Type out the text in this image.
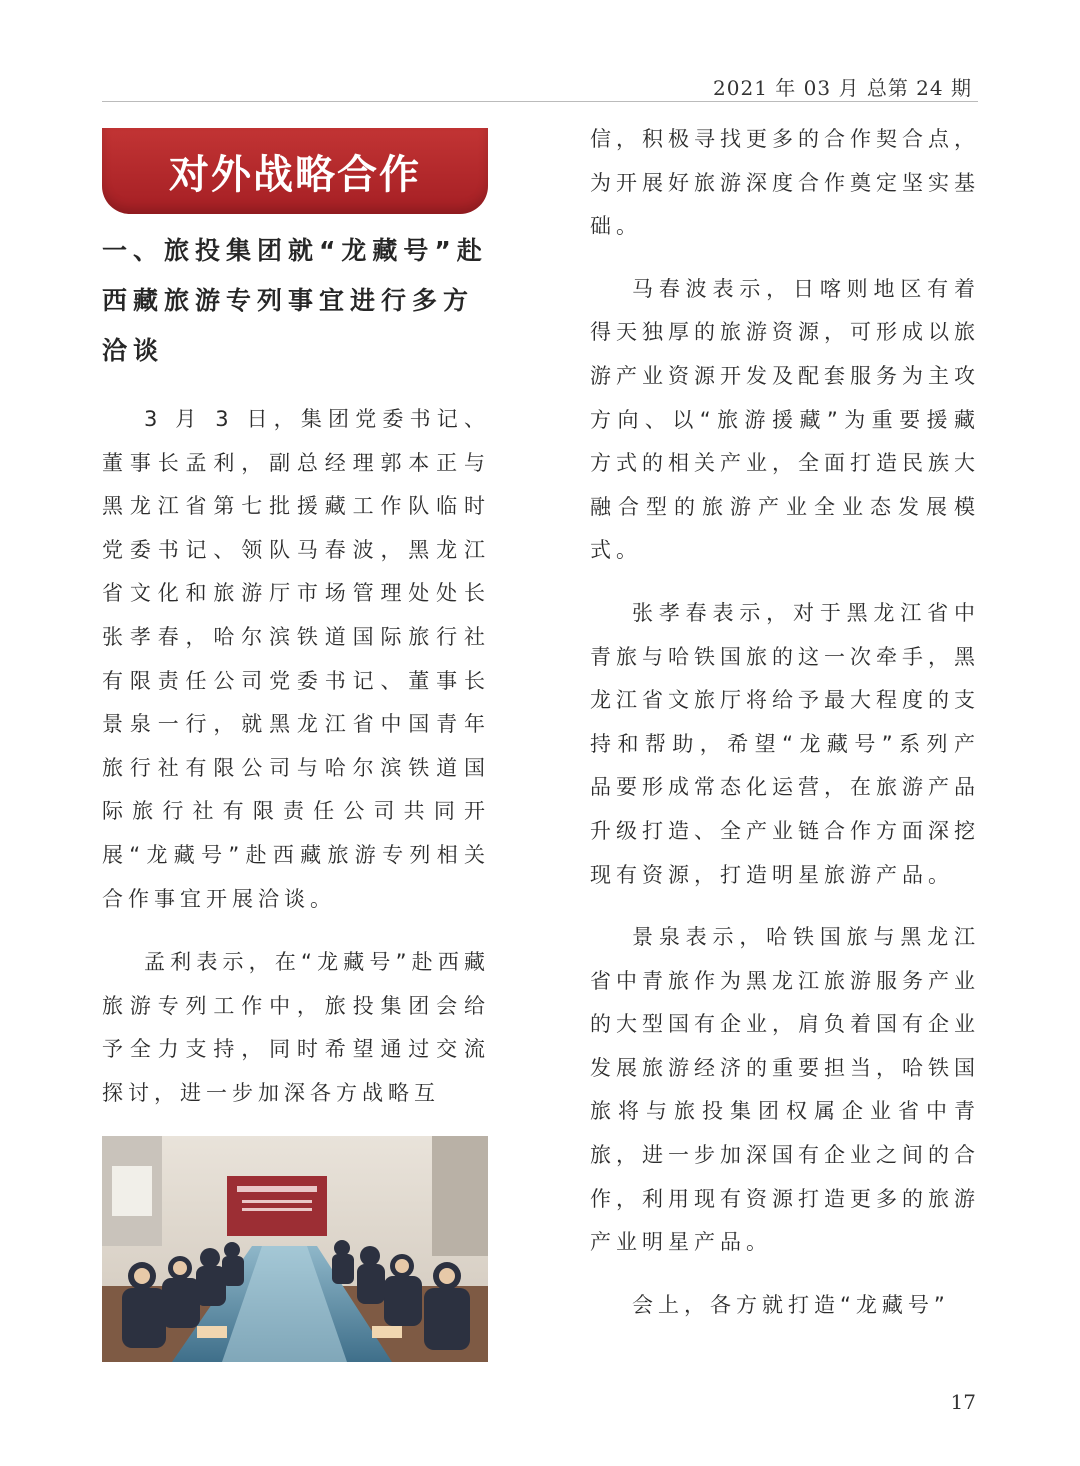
2021 年 03 月 总第 24 期
对外战略合作
一、旅投集团就“龙藏号”赴西藏旅游专列事宜进行多方洽谈

3 月 3 日，集团党委书记、董事长孟利，副总经理郭本正与黑龙江省第七批援藏工作队临时党委书记、领队马春波，黑龙江省文化和旅游厅市场管理处处长张孝春，哈尔滨铁道国际旅行社有限责任公司党委书记、董事长景泉一行，就黑龙江省中国青年旅行社有限公司与哈尔滨铁道国际旅行社有限责任公司共同开展“龙藏号”赴西藏旅游专列相关合作事宜开展洽谈。

孟利表示，在“龙藏号”赴西藏旅游专列工作中，旅投集团会给予全力支持，同时希望通过交流探讨，进一步加深各方战略互

信，积极寻找更多的合作契合点，为开展好旅游深度合作奠定坚实基础。

马春波表示，日喀则地区有着得天独厚的旅游资源，可形成以旅游产业资源开发及配套服务为主攻方向、以“旅游援藏”为重要援藏方式的相关产业，全面打造民族大融合型的旅游产业全业态发展模式。

张孝春表示，对于黑龙江省中青旅与哈铁国旅的这一次牵手，黑龙江省文旅厅将给予最大程度的支持和帮助，希望“龙藏号”系列产品要形成常态化运营，在旅游产品升级打造、全产业链合作方面深挖现有资源，打造明星旅游产品。

景泉表示，哈铁国旅与黑龙江省中青旅作为黑龙江旅游服务产业的大型国有企业，肩负着国有企业发展旅游经济的重要担当，哈铁国旅将与旅投集团权属企业省中青旅，进一步加深国有企业之间的合作，利用现有资源打造更多的旅游产业明星产品。

会上，各方就打造“龙藏号”

17
